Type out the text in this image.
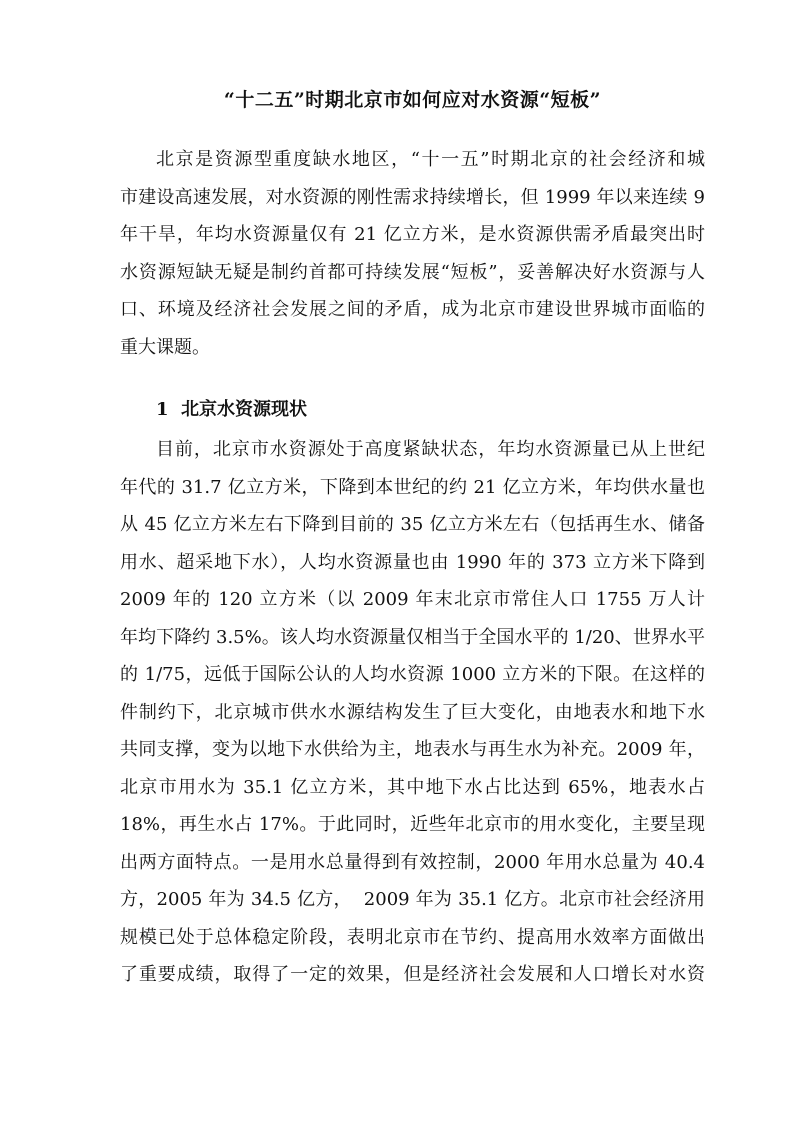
“十二五”时期北京市如何应对水资源“短板”
北京是资源型重度缺水地区，“十一五”时期北京的社会经济和城
市建设高速发展，对水资源的刚性需求持续增长，但 1999 年以来连续 9
年干旱，年均水资源量仅有 21 亿立方米，是水资源供需矛盾最突出时
水资源短缺无疑是制约首都可持续发展“短板”，妥善解决好水资源与人
口、环境及经济社会发展之间的矛盾，成为北京市建设世界城市面临的
重大课题。
1  北京水资源现状
目前，北京市水资源处于高度紧缺状态，年均水资源量已从上世纪
年代的 31.7 亿立方米，下降到本世纪的约 21 亿立方米，年均供水量也
从 45 亿立方米左右下降到目前的 35 亿立方米左右（包括再生水、储备
用水、超采地下水），人均水资源量也由 1990 年的 373 立方米下降到
2009 年的 120 立方米（以 2009 年末北京市常住人口 1755 万人计
年均下降约 3.5%。该人均水资源量仅相当于全国水平的 1/20、世界水平
的 1/75，远低于国际公认的人均水资源 1000 立方米的下限。在这样的
件制约下，北京城市供水水源结构发生了巨大变化，由地表水和地下水
共同支撑，变为以地下水供给为主，地表水与再生水为补充。2009 年，
北京市用水为 35.1 亿立方米，其中地下水占比达到 65%，地表水占
18%，再生水占 17%。于此同时，近些年北京市的用水变化，主要呈现
出两方面特点。一是用水总量得到有效控制，2000 年用水总量为 40.4
方，2005 年为 34.5 亿方，  2009 年为 35.1 亿方。北京市社会经济用
规模已处于总体稳定阶段，表明北京市在节约、提高用水效率方面做出
了重要成绩，取得了一定的效果，但是经济社会发展和人口增长对水资
